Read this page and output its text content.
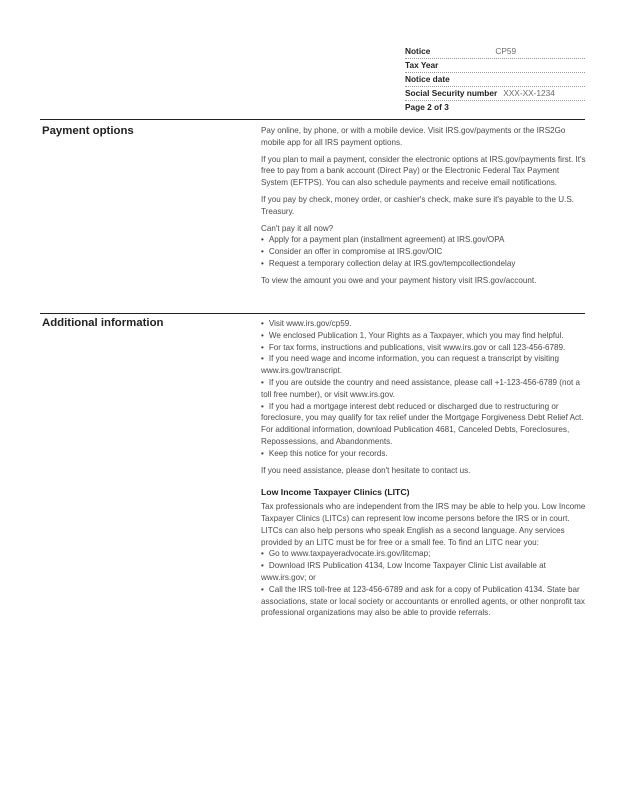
Notice	CP59
Tax Year
Notice date
Social Security number XXX-XX-1234
Page 2 of 3
Payment options	Pay online, by phone, or with a mobile device. Visit IRS.gov/payments or the IRS2Go mobile app for all IRS payment options.

If you plan to mail a payment, consider the electronic options at IRS.gov/payments first. It's free to pay from a bank account (Direct Pay) or the Electronic Federal Tax Payment System (EFTPS). You can also schedule payments and receive email notifications.

If you pay by check, money order, or cashier's check, make sure it's payable to the U.S. Treasury.

Can't pay it all now?

• Apply for a payment plan (installment agreement) at IRS.gov/OPA
• Consider an offer in compromise at IRS.gov/OIC
• Request a temporary collection delay at IRS.gov/tempcollectiondelay

To view the amount you owe and your payment history visit IRS.gov/account.

Additional information
•	Visit www.irs.gov/cp59.
• We enclosed Publication 1, Your Rights as a Taxpayer, which you may find helpful.
• For tax forms, instructions and publications, visit www.irs.gov or call 123-456-6789.
• If you need wage and income information, you can request a transcript by visiting www.irs.gov/transcript.
• If you are outside the country and need assistance, please call +1-123-456-6789 (not a toll free number), or visit www.irs.gov.
• If you had a mortgage interest debt reduced or discharged due to restructuring or foreclosure, you may qualify for tax relief under the Mortgage Forgiveness Debt Relief Act. For additional information, download Publication 4681, Canceled Debts, Foreclosures, Repossessions, and Abandonments.
• Keep this notice for your records.

If you need assistance, please don't hesitate to contact us.

Low Income Taxpayer Clinics (LITC)

Tax professionals who are independent from the IRS may be able to help you. Low Income Taxpayer Clinics (LITCs) can represent low income persons before the IRS or in court. LITCs can also help persons who speak English as a second language. Any services provided by an LITC must be for free or a small fee. To find an LITC near you:

• Go to www.taxpayeradvocate.irs.gov/litcmap;
• Download IRS Publication 4134, Low Income Taxpayer Clinic List available at www.irs.gov; or
• Call the IRS toll-free at 123-456-6789 and ask for a copy of Publication 4134. State bar associations, state or local society or accountants or enrolled agents, or other nonprofit tax professional organizations may also be able to provide referrals.
